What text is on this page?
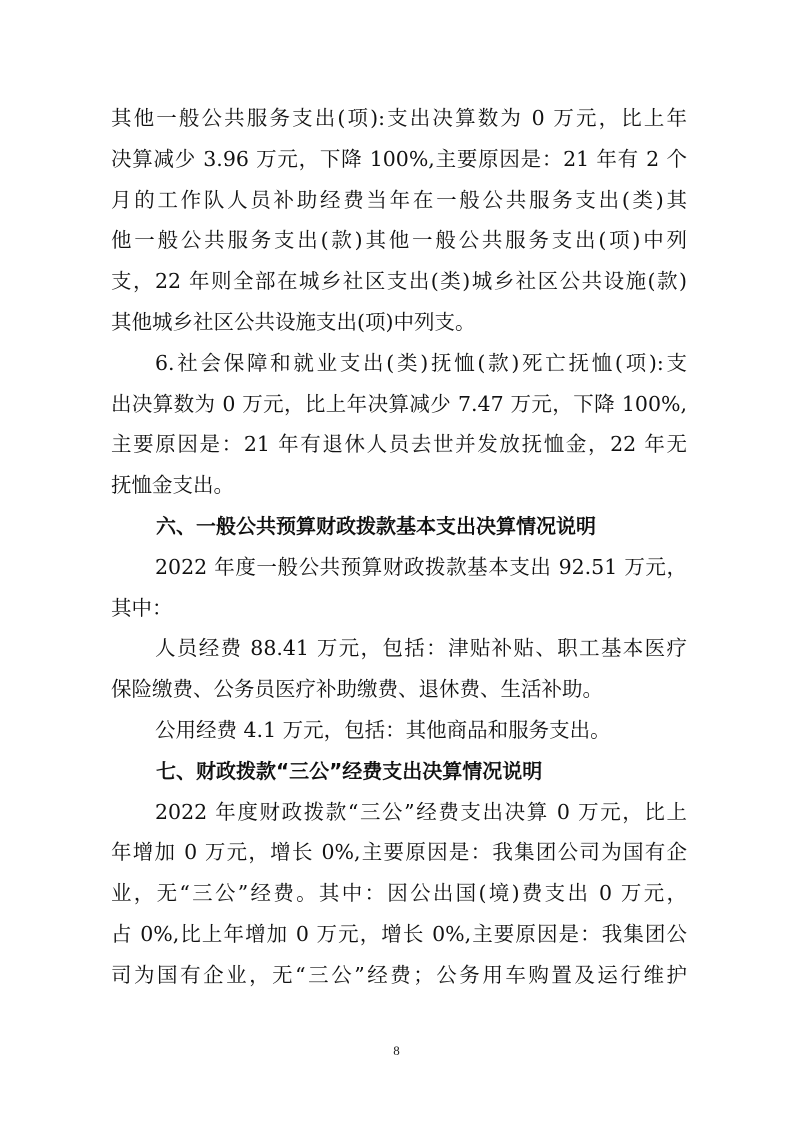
其他一般公共服务支出(项):支出决算数为 0 万元，比上年
决算减少 3.96 万元，下降 100%,主要原因是：21 年有 2 个
月的工作队人员补助经费当年在一般公共服务支出(类)其
他一般公共服务支出(款)其他一般公共服务支出(项)中列
支，22 年则全部在城乡社区支出(类)城乡社区公共设施(款)
其他城乡社区公共设施支出(项)中列支。
6.社会保障和就业支出(类)抚恤(款)死亡抚恤(项):支
出决算数为 0 万元，比上年决算减少 7.47 万元，下降 100%,
主要原因是：21 年有退休人员去世并发放抚恤金，22 年无
抚恤金支出。
六、一般公共预算财政拨款基本支出决算情况说明
2022 年度一般公共预算财政拨款基本支出 92.51 万元，
其中：
人员经费 88.41 万元，包括：津贴补贴、职工基本医疗
保险缴费、公务员医疗补助缴费、退休费、生活补助。
公用经费 4.1 万元，包括：其他商品和服务支出。
七、财政拨款“三公”经费支出决算情况说明
2022 年度财政拨款“三公”经费支出决算 0 万元，比上
年增加 0 万元，增长 0%,主要原因是：我集团公司为国有企
业，无“三公”经费。其中：因公出国(境)费支出 0 万元，
占 0%,比上年增加 0 万元，增长 0%,主要原因是：我集团公
司为国有企业，无“三公”经费；公务用车购置及运行维护
8
